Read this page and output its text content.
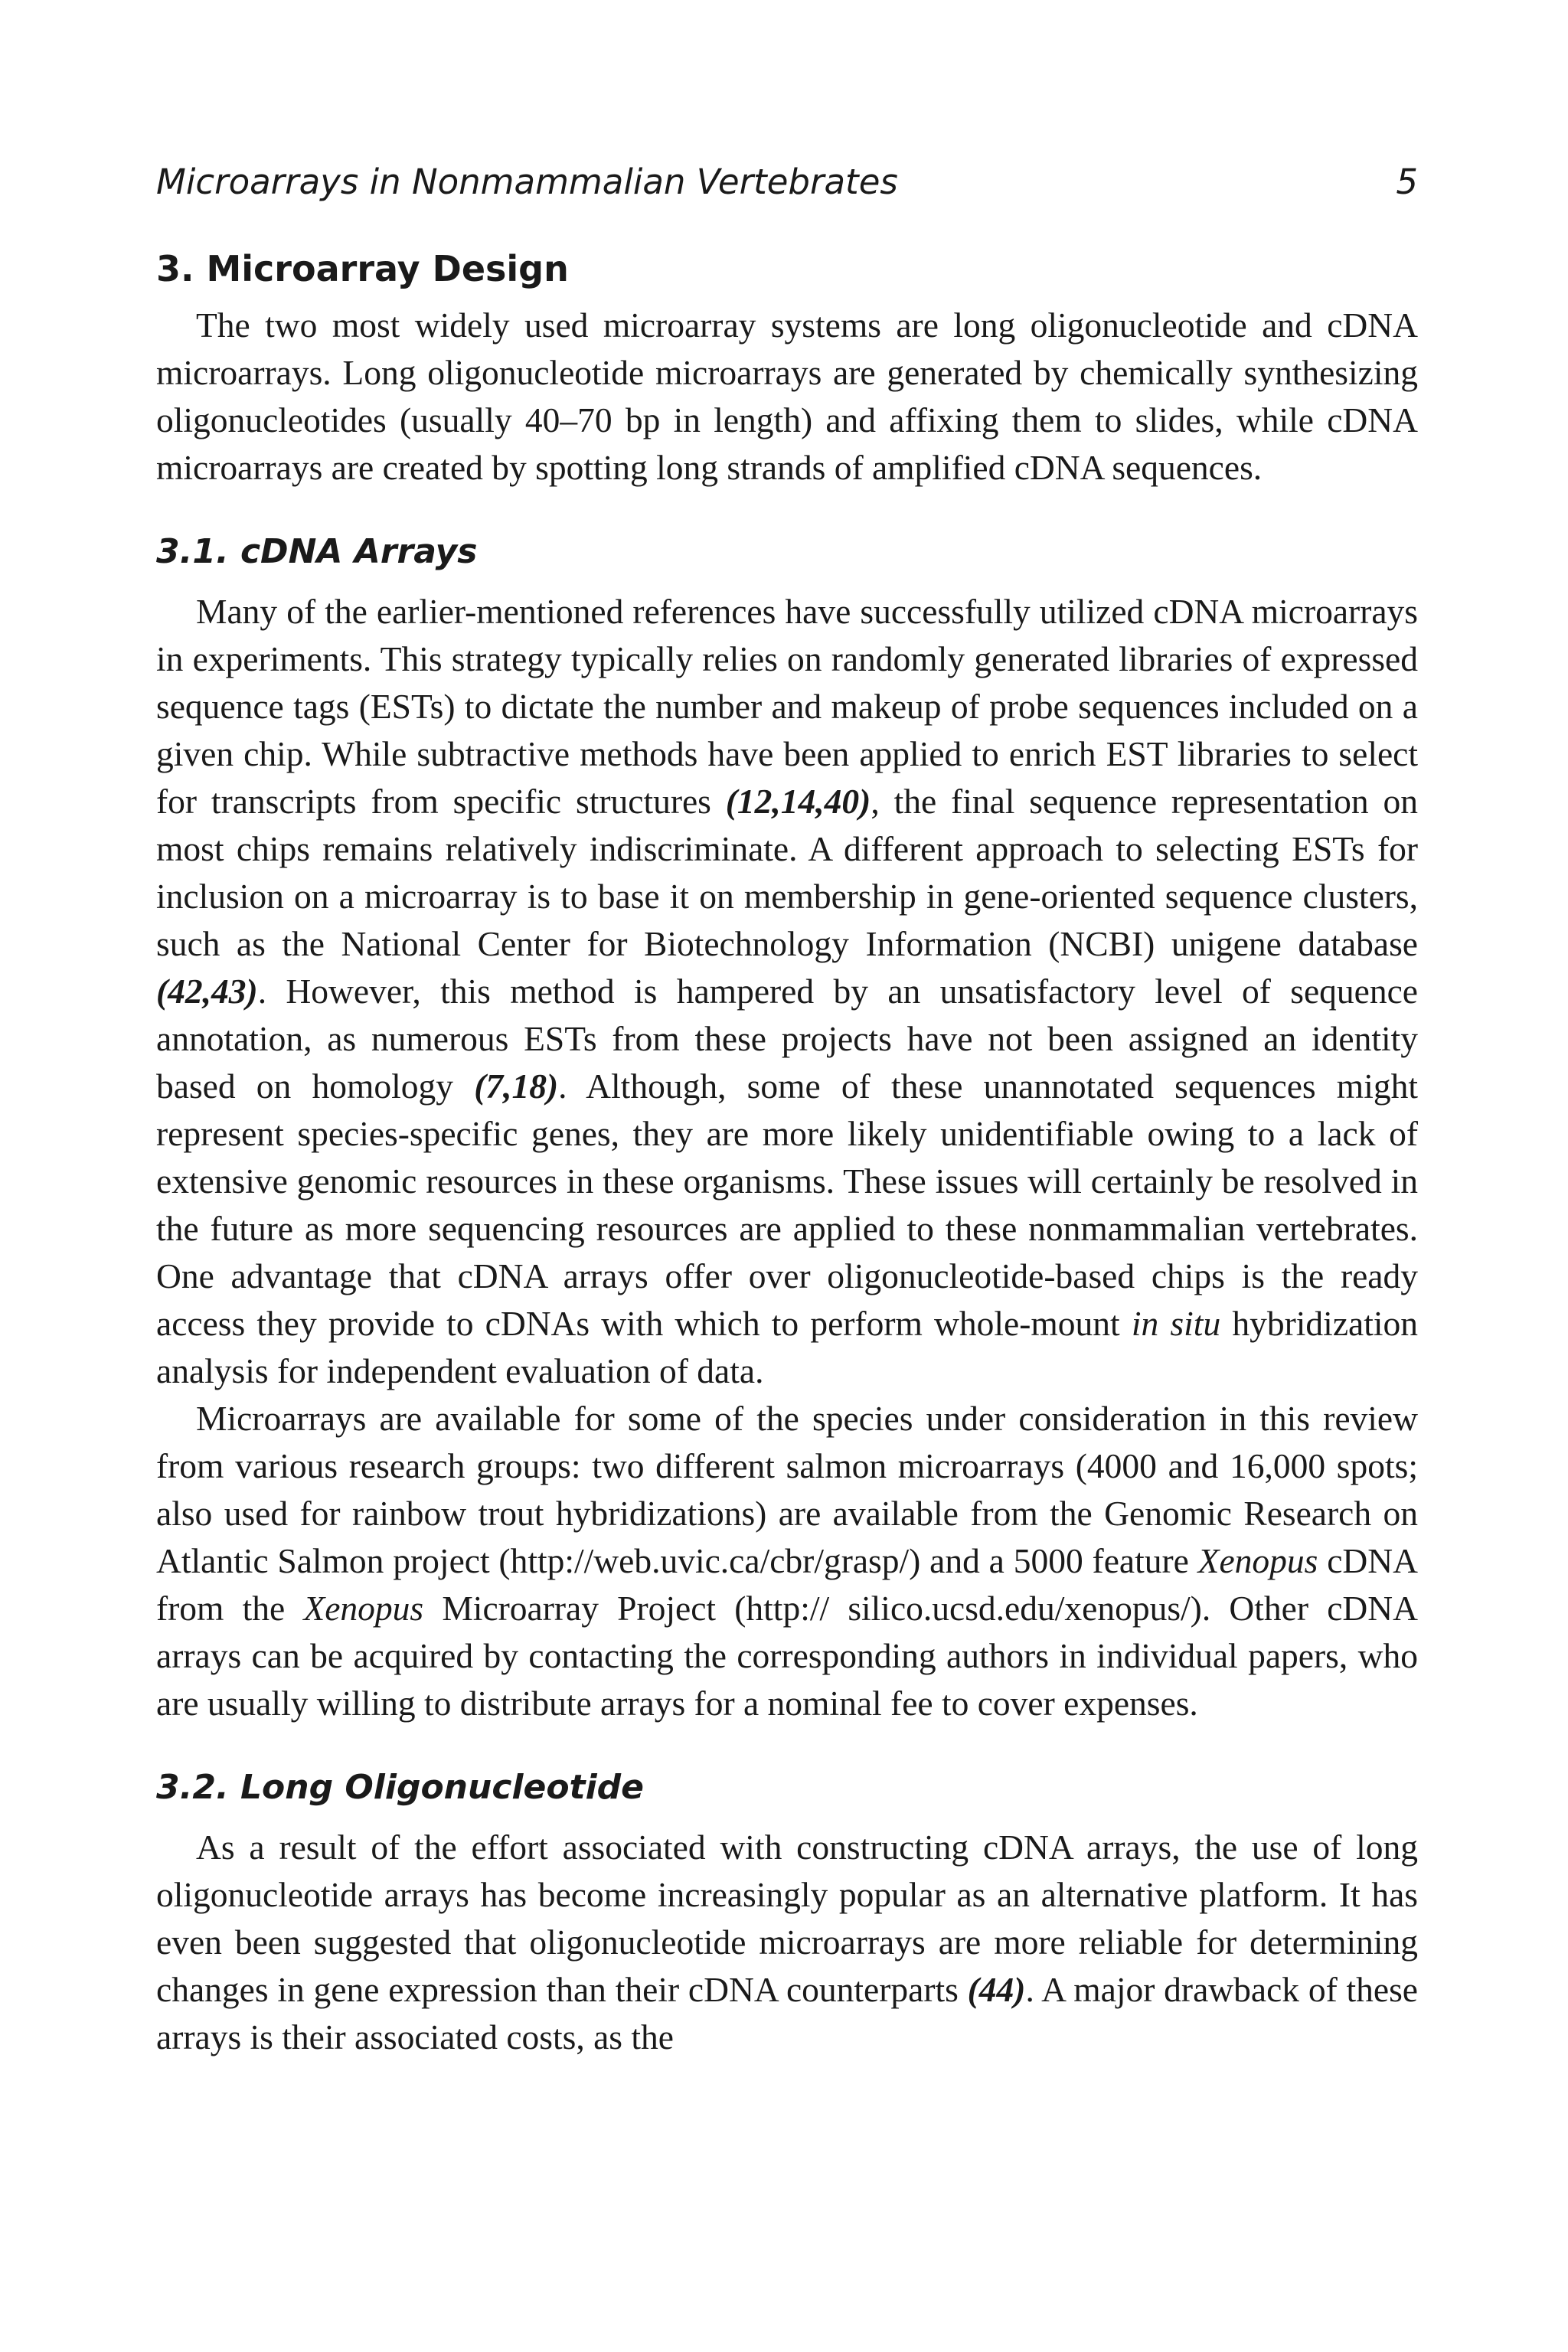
Microarrays in Nonmammalian Vertebrates	5
3. Microarray Design

The two most widely used microarray systems are long oligonucleotide and cDNA microarrays. Long oligonucleotide microarrays are generated by chemically synthesizing oligonucleotides (usually 40–70 bp in length) and affixing them to slides, while cDNA microarrays are created by spotting long strands of amplified cDNA sequences.

3.1. cDNA Arrays

Many of the earlier-mentioned references have successfully utilized cDNA microarrays in experiments. This strategy typically relies on randomly generated libraries of expressed sequence tags (ESTs) to dictate the number and makeup of probe sequences included on a given chip. While subtractive methods have been applied to enrich EST libraries to select for transcripts from specific structures (12,14,40), the final sequence representation on most chips remains relatively indiscriminate. A different approach to selecting ESTs for inclusion on a microarray is to base it on membership in gene-oriented sequence clusters, such as the National Center for Biotechnology Information (NCBI) unigene database (42,43). However, this method is hampered by an unsatisfactory level of sequence annotation, as numerous ESTs from these projects have not been assigned an identity based on homology (7,18). Although, some of these unannotated sequences might represent species-specific genes, they are more likely unidentifiable owing to a lack of extensive genomic resources in these organisms. These issues will certainly be resolved in the future as more sequencing resources are applied to these nonmammalian vertebrates. One advantage that cDNA arrays offer over oligonucleotide-based chips is the ready access they provide to cDNAs with which to perform whole-mount in situ hybridization analysis for independent evaluation of data.

Microarrays are available for some of the species under consideration in this review from various research groups: two different salmon microarrays (4000 and 16,000 spots; also used for rainbow trout hybridizations) are available from the Genomic Research on Atlantic Salmon project (http://web.uvic.ca/cbr/grasp/) and a 5000 feature Xenopus cDNA from the Xenopus Microarray Project (http:// silico.ucsd.edu/xenopus/). Other cDNA arrays can be acquired by contacting the corresponding authors in individual papers, who are usually willing to distribute arrays for a nominal fee to cover expenses.

3.2. Long Oligonucleotide

As a result of the effort associated with constructing cDNA arrays, the use of long oligonucleotide arrays has become increasingly popular as an alternative platform. It has even been suggested that oligonucleotide microarrays are more reliable for determining changes in gene expression than their cDNA counterparts (44). A major drawback of these arrays is their associated costs, as the
